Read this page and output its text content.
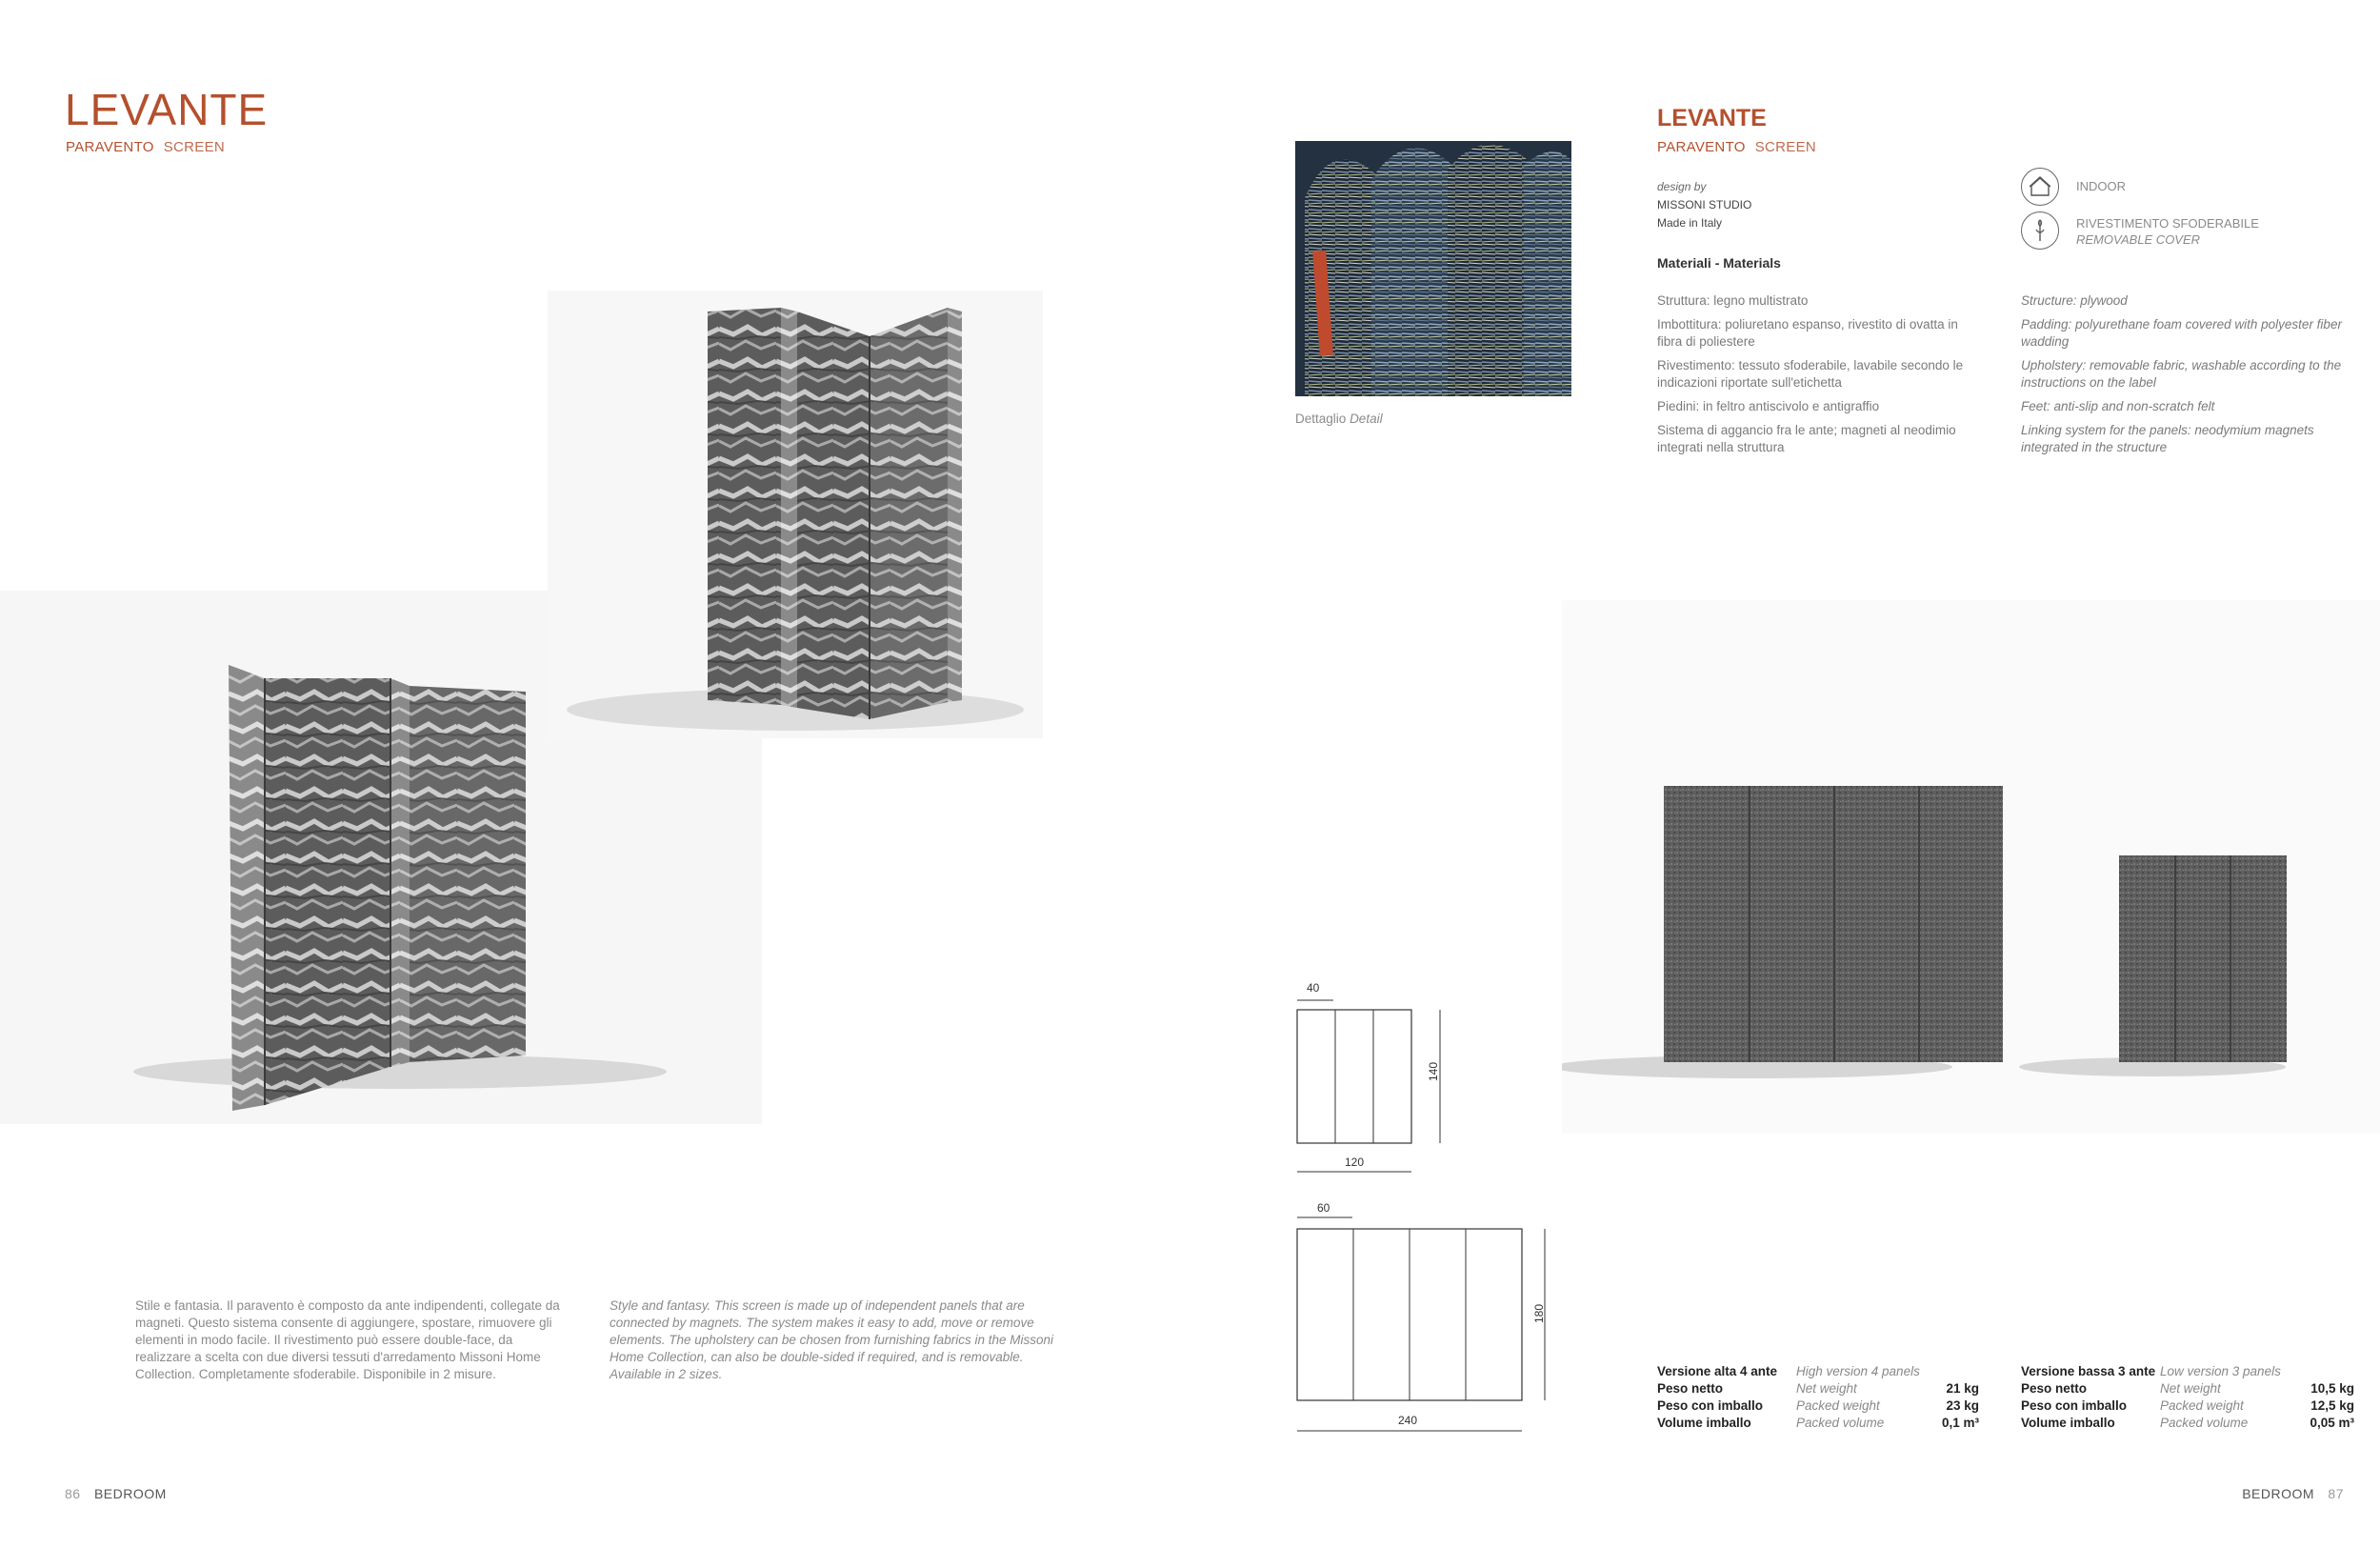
LEVANTE
PARAVENTO SCREEN
Stile e fantasia. Il paravento è composto da ante indipendenti, collegate da magneti. Questo sistema consente di aggiungere, spostare, rimuovere gli elementi in modo facile. Il rivestimento può essere double-face, da realizzare a scelta con due diversi tessuti d'arredamento Missoni Home Collection. Completamente sfoderabile. Disponibile in 2 misure.
Style and fantasy. This screen is made up of independent panels that are connected by magnets. The system makes it easy to add, move or remove elements. The upholstery can be chosen from furnishing fabrics in the Missoni Home Collection, can also be double-sided if required, and is removable. Available in 2 sizes.
86 BEDROOM
Dettaglio Detail
LEVANTE
PARAVENTO SCREEN
design by
MISSONI STUDIO
Made in Italy
INDOOR
RIVESTIMENTO SFODERABILE
REMOVABLE COVER
Materiali - Materials

Struttura: legno multistrato

Imbottitura: poliuretano espanso, rivestito di ovatta in fibra di poliestere

Rivestimento: tessuto sfoderabile, lavabile secondo le indicazioni riportate sull'etichetta

Piedini: in feltro antiscivolo e antigraffio

Sistema di aggancio fra le ante; magneti al neodimio integrati nella struttura

Structure: plywood

Padding: polyurethane foam covered with polyester fiber wadding

Upholstery: removable fabric, washable according to the instructions on the label

Feet: anti-slip and non-scratch felt

Linking system for the panels: neodymium magnets integrated in the structure

40
140
120
60
180
240
Versione alta 4 ante	High version 4 panels	
Peso netto	Net weight	21 kg
Peso con imballo	Packed weight	23 kg
Volume imballo	Packed volume	0,1 m³
Versione bassa 3 ante	Low version 3 panels	
Peso netto	Net weight	10,5 kg
Peso con imballo	Packed weight	12,5 kg
Volume imballo	Packed volume	0,05 m³
BEDROOM 87
